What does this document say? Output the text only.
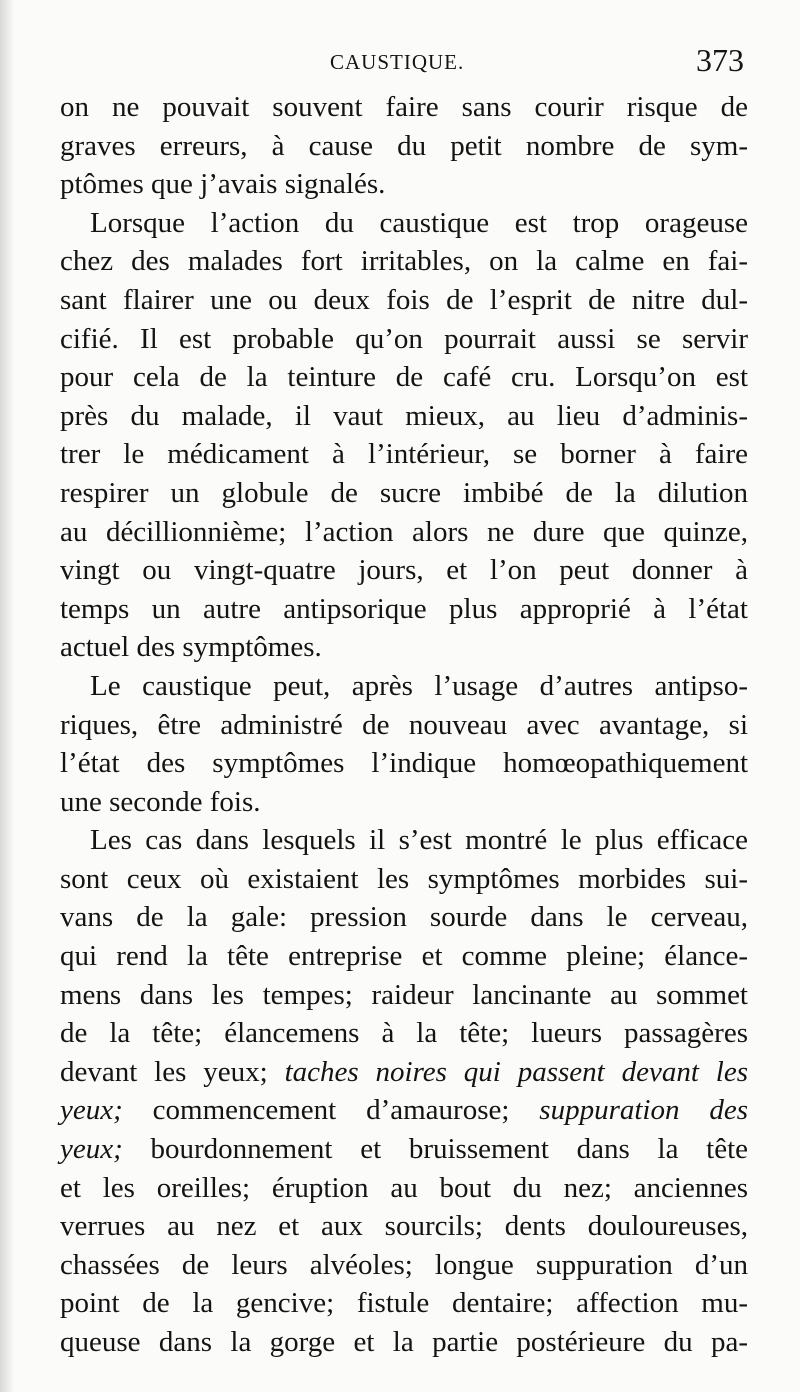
CAUSTIQUE.	373
on ne pouvait souvent faire sans courir risque de
graves erreurs, à cause du petit nombre de sym-
ptômes que j’avais signalés.
Lorsque l’action du caustique est trop orageuse
chez des malades fort irritables, on la calme en fai-
sant flairer une ou deux fois de l’esprit de nitre dul-
cifié. Il est probable qu’on pourrait aussi se servir
pour cela de la teinture de café cru. Lorsqu’on est
près du malade, il vaut mieux, au lieu d’adminis-
trer le médicament à l’intérieur, se borner à faire
respirer un globule de sucre imbibé de la dilution
au décillionnième; l’action alors ne dure que quinze,
vingt ou vingt-quatre jours, et l’on peut donner à
temps un autre antipsorique plus approprié à l’état
actuel des symptômes.
Le caustique peut, après l’usage d’autres antipso-
riques, être administré de nouveau avec avantage, si
l’état des symptômes l’indique homœopathiquement
une seconde fois.
Les cas dans lesquels il s’est montré le plus efficace
sont ceux où existaient les symptômes morbides sui-
vans de la gale: pression sourde dans le cerveau,
qui rend la tête entreprise et comme pleine; élance-
mens dans les tempes; raideur lancinante au sommet
de la tête; élancemens à la tête; lueurs passagères
devant les yeux; taches noires qui passent devant les
yeux; commencement d’amaurose; suppuration des
yeux; bourdonnement et bruissement dans la tête
et les oreilles; éruption au bout du nez; anciennes
verrues au nez et aux sourcils; dents douloureuses,
chassées de leurs alvéoles; longue suppuration d’un
point de la gencive; fistule dentaire; affection mu-
queuse dans la gorge et la partie postérieure du pa-
